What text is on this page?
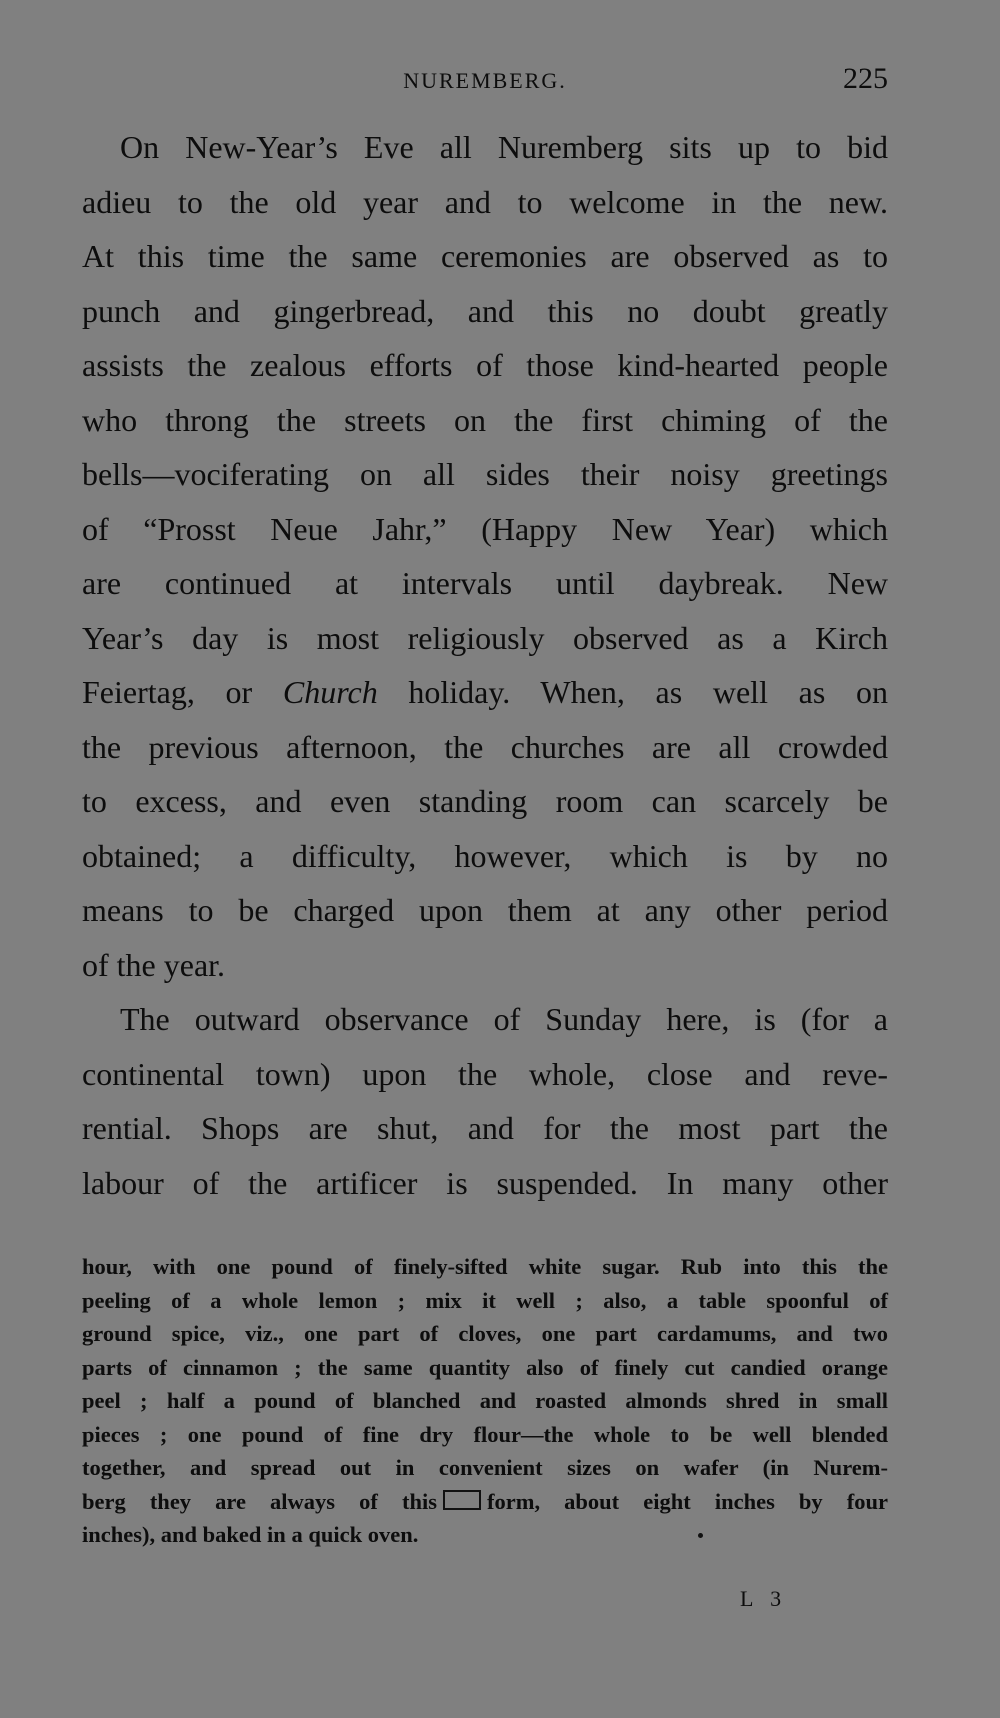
NUREMBERG.	225
On New-Year’s Eve all Nuremberg sits up to bid
adieu to the old year and to welcome in the new.
At this time the same ceremonies are observed as to
punch and gingerbread, and this no doubt greatly
assists the zealous efforts of those kind-hearted people
who throng the streets on the first chiming of the
bells—vociferating on all sides their noisy greetings
of “Prosst Neue Jahr,” (Happy New Year) which
are continued at intervals until daybreak. New
Year’s day is most religiously observed as a Kirch
Feiertag, or Church holiday. When, as well as on
the previous afternoon, the churches are all crowded
to excess, and even standing room can scarcely be
obtained; a difficulty, however, which is by no
means to be charged upon them at any other period
of the year.
The outward observance of Sunday here, is (for a
continental town) upon the whole, close and reve-
rential. Shops are shut, and for the most part the
labour of the artificer is suspended. In many other
hour, with one pound of finely-sifted white sugar. Rub into this the
peeling of a whole lemon ; mix it well ; also, a table spoonful of
ground spice, viz., one part of cloves, one part cardamums, and two
parts of cinnamon ; the same quantity also of finely cut candied orange
peel ; half a pound of blanched and roasted almonds shred in small
pieces ; one pound of fine dry flour—the whole to be well blended
together, and spread out in convenient sizes on wafer (in Nurem-
berg they are always of this form, about eight inches by four
inches), and baked in a quick oven.
L 3
